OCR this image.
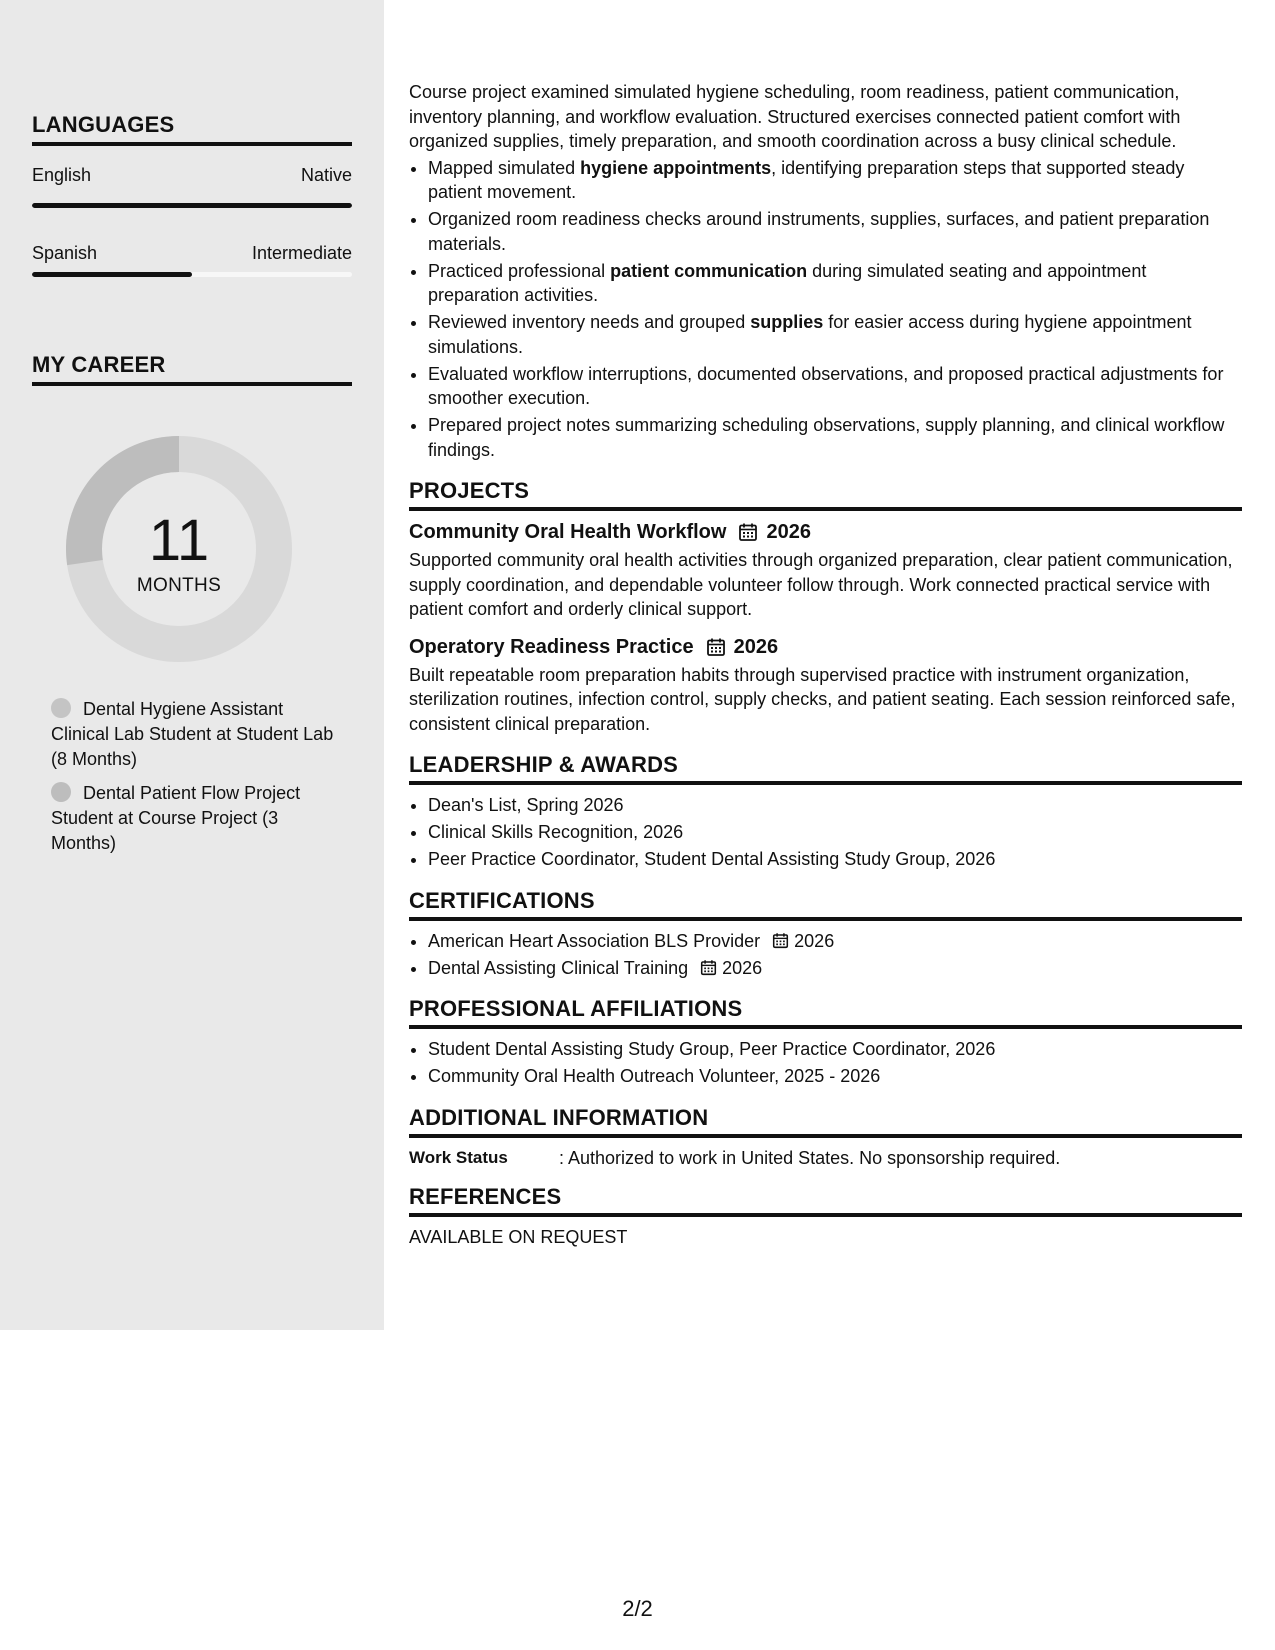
LANGUAGES
English	Native
Spanish	Intermediate
MY CAREER
11
MONTHS
Dental Hygiene Assistant Clinical Lab Student at Student Lab (8 Months)
Dental Patient Flow Project Student at Course Project (3 Months)

Course project examined simulated hygiene scheduling, room readiness, patient communication, inventory planning, and workflow evaluation. Structured exercises connected patient comfort with organized supplies, timely preparation, and smooth coordination across a busy clinical schedule.

• Mapped simulated hygiene appointments, identifying preparation steps that supported steady patient movement.
• Organized room readiness checks around instruments, supplies, surfaces, and patient preparation materials.
• Practiced professional patient communication during simulated seating and appointment preparation activities.
• Reviewed inventory needs and grouped supplies for easier access during hygiene appointment simulations.
• Evaluated workflow interruptions, documented observations, and proposed practical adjustments for smoother execution.
• Prepared project notes summarizing scheduling observations, supply planning, and clinical workflow findings.
PROJECTS
Community Oral Health Workflow 2026

Supported community oral health activities through organized preparation, clear patient communication, supply coordination, and dependable volunteer follow through. Work connected practical service with patient comfort and orderly clinical support.

Operatory Readiness Practice 2026

Built repeatable room preparation habits through supervised practice with instrument organization, sterilization routines, infection control, supply checks, and patient seating. Each session reinforced safe, consistent clinical preparation.

LEADERSHIP & AWARDS
• Dean's List, Spring 2026
• Clinical Skills Recognition, 2026
• Peer Practice Coordinator, Student Dental Assisting Study Group, 2026
CERTIFICATIONS
• American Heart Association BLS Provider 2026
• Dental Assisting Clinical Training 2026
PROFESSIONAL AFFILIATIONS
• Student Dental Assisting Study Group, Peer Practice Coordinator, 2026
• Community Oral Health Outreach Volunteer, 2025 - 2026
ADDITIONAL INFORMATION
Work Status	: Authorized to work in United States. No sponsorship required.
REFERENCES

AVAILABLE ON REQUEST

2/2
